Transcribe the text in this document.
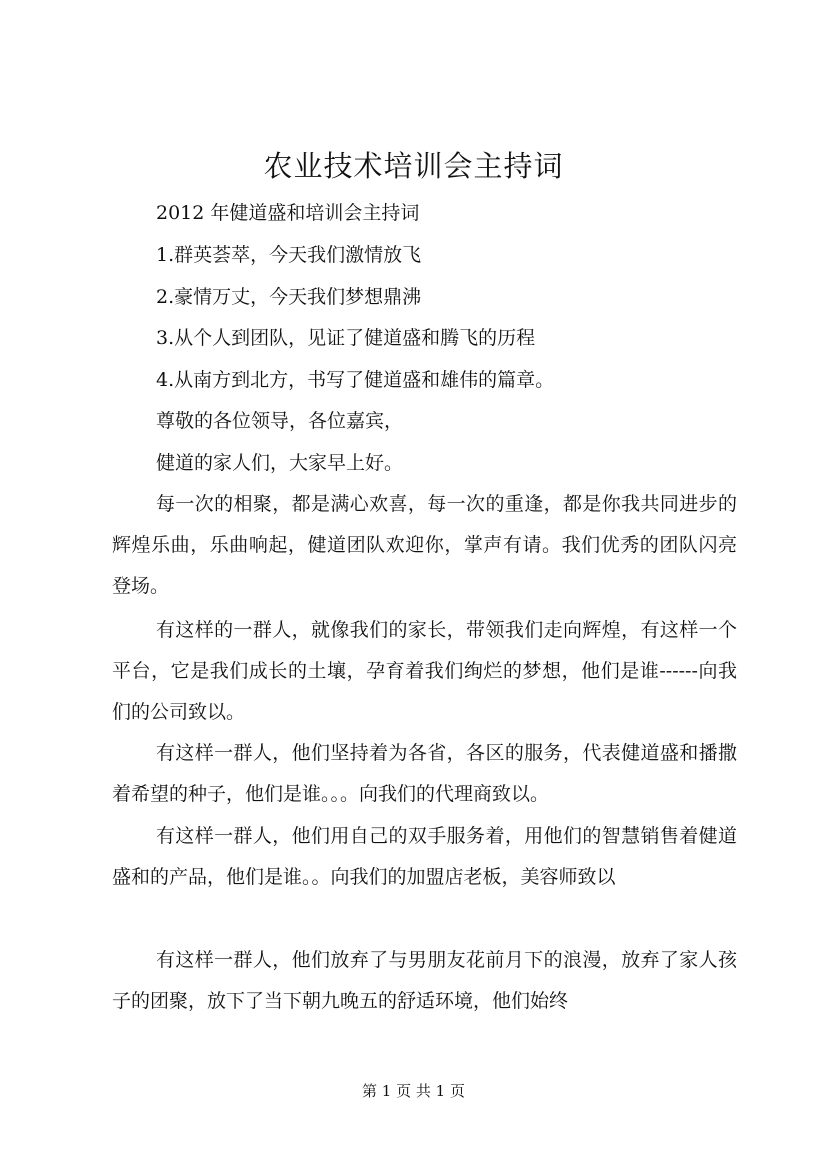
农业技术培训会主持词

2012 年健道盛和培训会主持词

1.群英荟萃，今天我们激情放飞

2.豪情万丈，今天我们梦想鼎沸

3.从个人到团队，见证了健道盛和腾飞的历程

4.从南方到北方，书写了健道盛和雄伟的篇章。

尊敬的各位领导，各位嘉宾，

健道的家人们，大家早上好。

每一次的相聚，都是满心欢喜，每一次的重逢，都是你我共同进步的辉煌乐曲，乐曲响起，健道团队欢迎你，掌声有请。我们优秀的团队闪亮登场。

有这样的一群人，就像我们的家长，带领我们走向辉煌，有这样一个平台，它是我们成长的土壤，孕育着我们绚烂的梦想，他们是谁------向我们的公司致以。

有这样一群人，他们坚持着为各省，各区的服务，代表健道盛和播撒着希望的种子，他们是谁。。。向我们的代理商致以。

有这样一群人，他们用自己的双手服务着，用他们的智慧销售着健道盛和的产品，他们是谁。。向我们的加盟店老板，美容师致以

有这样一群人，他们放弃了与男朋友花前月下的浪漫，放弃了家人孩子的团聚，放下了当下朝九晚五的舒适环境，他们始终

第 1 页 共 1 页
